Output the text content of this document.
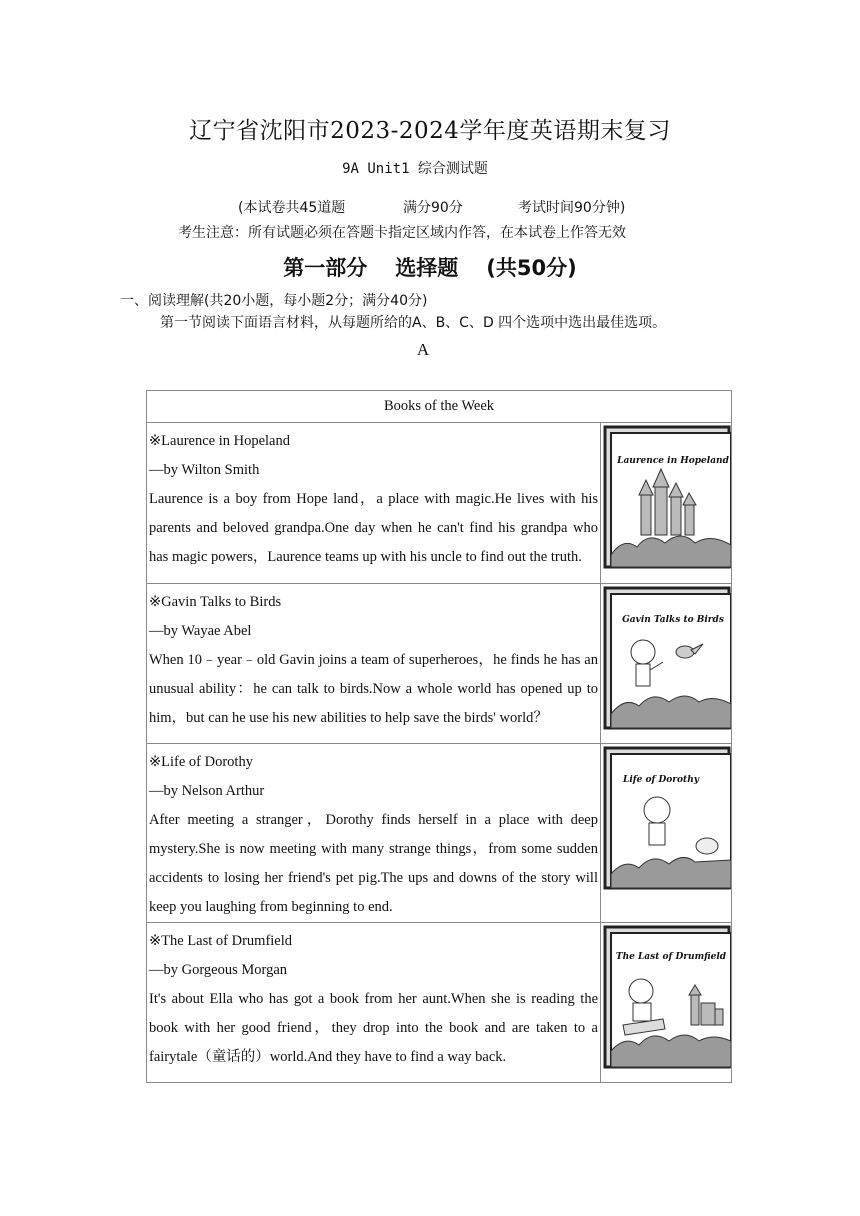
辽宁省沈阳市2023-2024学年度英语期末复习
9A Unit1 综合测试题
(本试卷共45道题	满分90分	考试时间90分钟)
考生注意：所有试题必须在答题卡指定区域内作答，在本试卷上作答无效
第一部分 选择题 (共50分)
一、阅读理解(共20小题，每小题2分；满分40分)
第一节阅读下面语言材料，从每题所给的A、B、C、D 四个选项中选出最佳选项。
A
Books of the Week	

※Laurence in Hopeland

—by Wilton Smith

Laurence is a boy from Hope land，a place with magic.He lives with his parents and beloved grandpa.One day when he can't find his grandpa who has magic powers，Laurence teams up with his uncle to find out the truth.	Laurence in Hopeland

※Gavin Talks to Birds

—by Wayae Abel

When 10﹣year﹣old Gavin joins a team of superheroes，he finds he has an unusual ability：he can talk to birds.Now a whole world has opened up to him，but can he use his new abilities to help save the birds' world？	Gavin Talks to Birds

※Life of Dorothy

—by Nelson Arthur

After meeting a stranger，Dorothy finds herself in a place with deep mystery.She is now meeting with many strange things，from some sudden accidents to losing her friend's pet pig.The ups and downs of the story will keep you laughing from beginning to end.	Life of Dorothy

※The Last of Drumfield

—by Gorgeous Morgan

It's about Ella who has got a book from her aunt.When she is reading the book with her good friend，they drop into the book and are taken to a fairytale（童话的）world.And they have to find a way back.	The Last of Drumfield
